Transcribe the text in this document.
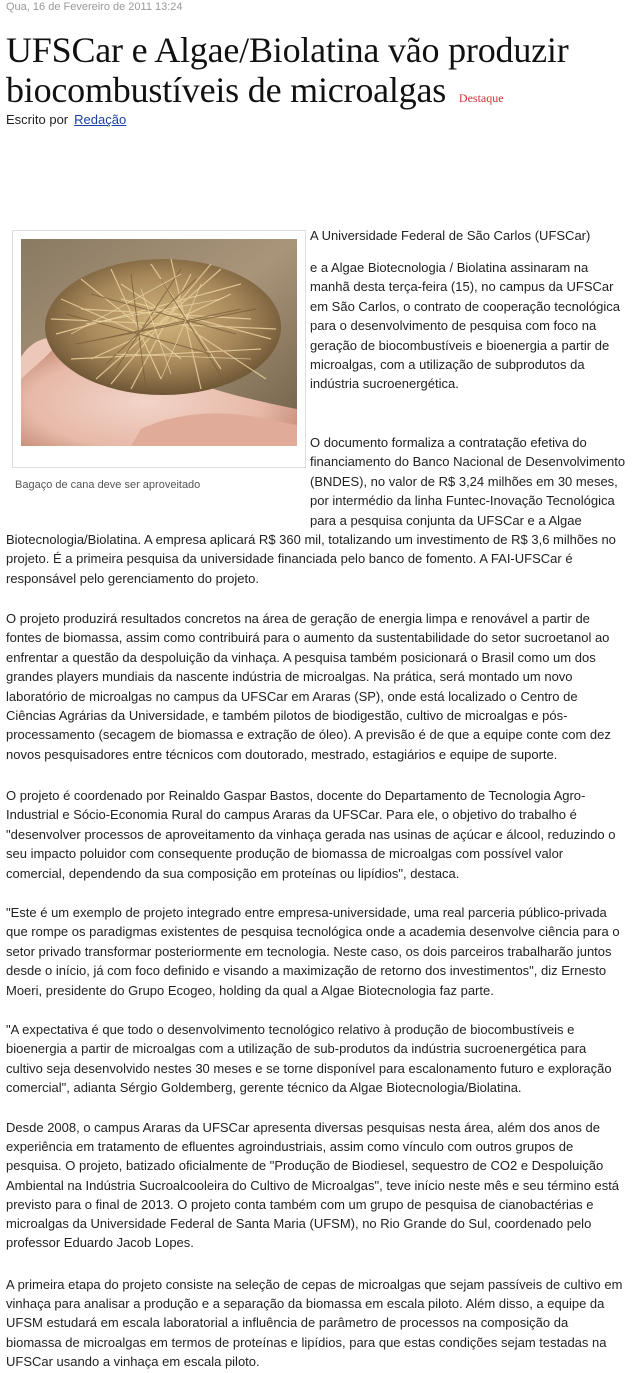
Qua, 16 de Fevereiro de 2011 13:24
UFSCar e Algae/Biolatina vão produzir biocombustíveis de microalgas Destaque
Escrito por Redação
Bagaço de cana deve ser aproveitado

A Universidade Federal de São Carlos (UFSCar)

e a Algae Biotecnologia / Biolatina assinaram na manhã desta terça-feira (15), no campus da UFSCar em São Carlos, o contrato de cooperação tecnológica para o desenvolvimento de pesquisa com foco na geração de biocombustíveis e bioenergia a partir de microalgas, com a utilização de subprodutos da indústria sucroenergética.

O documento formaliza a contratação efetiva do financiamento do Banco Nacional de Desenvolvimento (BNDES), no valor de R$ 3,24 milhões em 30 meses, por intermédio da linha Funtec-Inovação Tecnológica para a pesquisa conjunta da UFSCar e a Algae

Biotecnologia/Biolatina. A empresa aplicará R$ 360 mil, totalizando um investimento de R$ 3,6 milhões no projeto. É a primeira pesquisa da universidade financiada pelo banco de fomento. A FAI-UFSCar é responsável pelo gerenciamento do projeto.

O projeto produzirá resultados concretos na área de geração de energia limpa e renovável a partir de fontes de biomassa, assim como contribuirá para o aumento da sustentabilidade do setor sucroetanol ao enfrentar a questão da despoluição da vinhaça. A pesquisa também posicionará o Brasil como um dos grandes players mundiais da nascente indústria de microalgas. Na prática, será montado um novo laboratório de microalgas no campus da UFSCar em Araras (SP), onde está localizado o Centro de Ciências Agrárias da Universidade, e também pilotos de biodigestão, cultivo de microalgas e pós-processamento (secagem de biomassa e extração de óleo). A previsão é de que a equipe conte com dez novos pesquisadores entre técnicos com doutorado, mestrado, estagiários e equipe de suporte.

O projeto é coordenado por Reinaldo Gaspar Bastos, docente do Departamento de Tecnologia Agro-Industrial e Sócio-Economia Rural do campus Araras da UFSCar. Para ele, o objetivo do trabalho é "desenvolver processos de aproveitamento da vinhaça gerada nas usinas de açúcar e álcool, reduzindo o seu impacto poluidor com consequente produção de biomassa de microalgas com possível valor comercial, dependendo da sua composição em proteínas ou lipídios", destaca.

"Este é um exemplo de projeto integrado entre empresa-universidade, uma real parceria público-privada que rompe os paradigmas existentes de pesquisa tecnológica onde a academia desenvolve ciência para o setor privado transformar posteriormente em tecnologia. Neste caso, os dois parceiros trabalharão juntos desde o início, já com foco definido e visando a maximização de retorno dos investimentos", diz Ernesto Moeri, presidente do Grupo Ecogeo, holding da qual a Algae Biotecnologia faz parte.

"A expectativa é que todo o desenvolvimento tecnológico relativo à produção de biocombustíveis e bioenergia a partir de microalgas com a utilização de sub-produtos da indústria sucroenergética para cultivo seja desenvolvido nestes 30 meses e se torne disponível para escalonamento futuro e exploração comercial", adianta Sérgio Goldemberg, gerente técnico da Algae Biotecnologia/Biolatina.

Desde 2008, o campus Araras da UFSCar apresenta diversas pesquisas nesta área, além dos anos de experiência em tratamento de efluentes agroindustriais, assim como vínculo com outros grupos de pesquisa. O projeto, batizado oficialmente de "Produção de Biodiesel, sequestro de CO2 e Despoluição Ambiental na Indústria Sucroalcooleira do Cultivo de Microalgas", teve início neste mês e seu término está previsto para o final de 2013. O projeto conta também com um grupo de pesquisa de cianobactérias e microalgas da Universidade Federal de Santa Maria (UFSM), no Rio Grande do Sul, coordenado pelo professor Eduardo Jacob Lopes.

A primeira etapa do projeto consiste na seleção de cepas de microalgas que sejam passíveis de cultivo em vinhaça para analisar a produção e a separação da biomassa em escala piloto. Além disso, a equipe da UFSM estudará em escala laboratorial a influência de parâmetro de processos na composição da biomassa de microalgas em termos de proteínas e lipídios, para que estas condições sejam testadas na UFSCar usando a vinhaça em escala piloto.
